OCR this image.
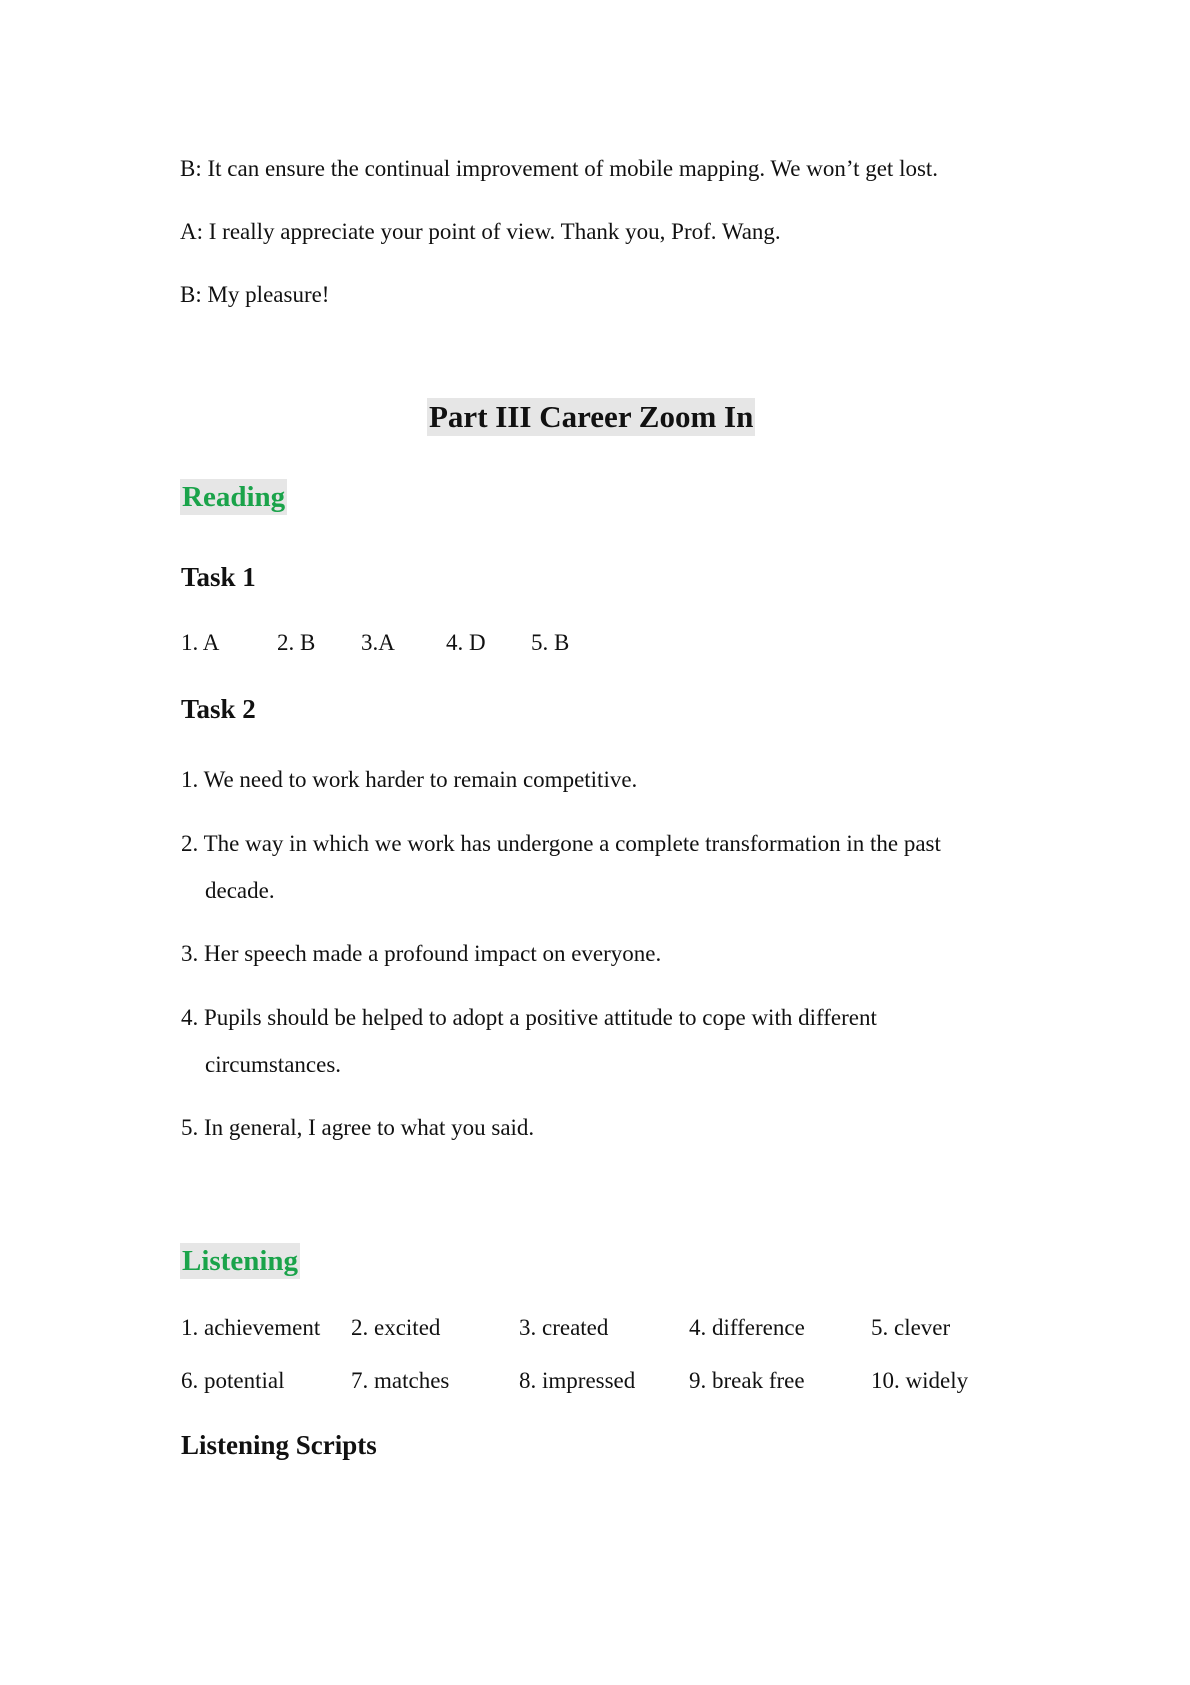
B: It can ensure the continual improvement of mobile mapping. We won’t get lost.
A: I really appreciate your point of view. Thank you, Prof. Wang.
B: My pleasure!
Part III Career Zoom In
Reading
Task 1
1. A	2. B 3.A 4. D 5. B
Task 2
1. We need to work harder to remain competitive.
2. The way in which we work has undergone a complete transformation in the past
decade.
3. Her speech made a profound impact on everyone.
4. Pupils should be helped to adopt a positive attitude to cope with different
circumstances.
5. In general, I agree to what you said.
Listening
1. achievement 2. excited	3. created	4. difference	5. clever
6. potential	7. matches	8. impressed 9. break free	10. widely
Listening Scripts
